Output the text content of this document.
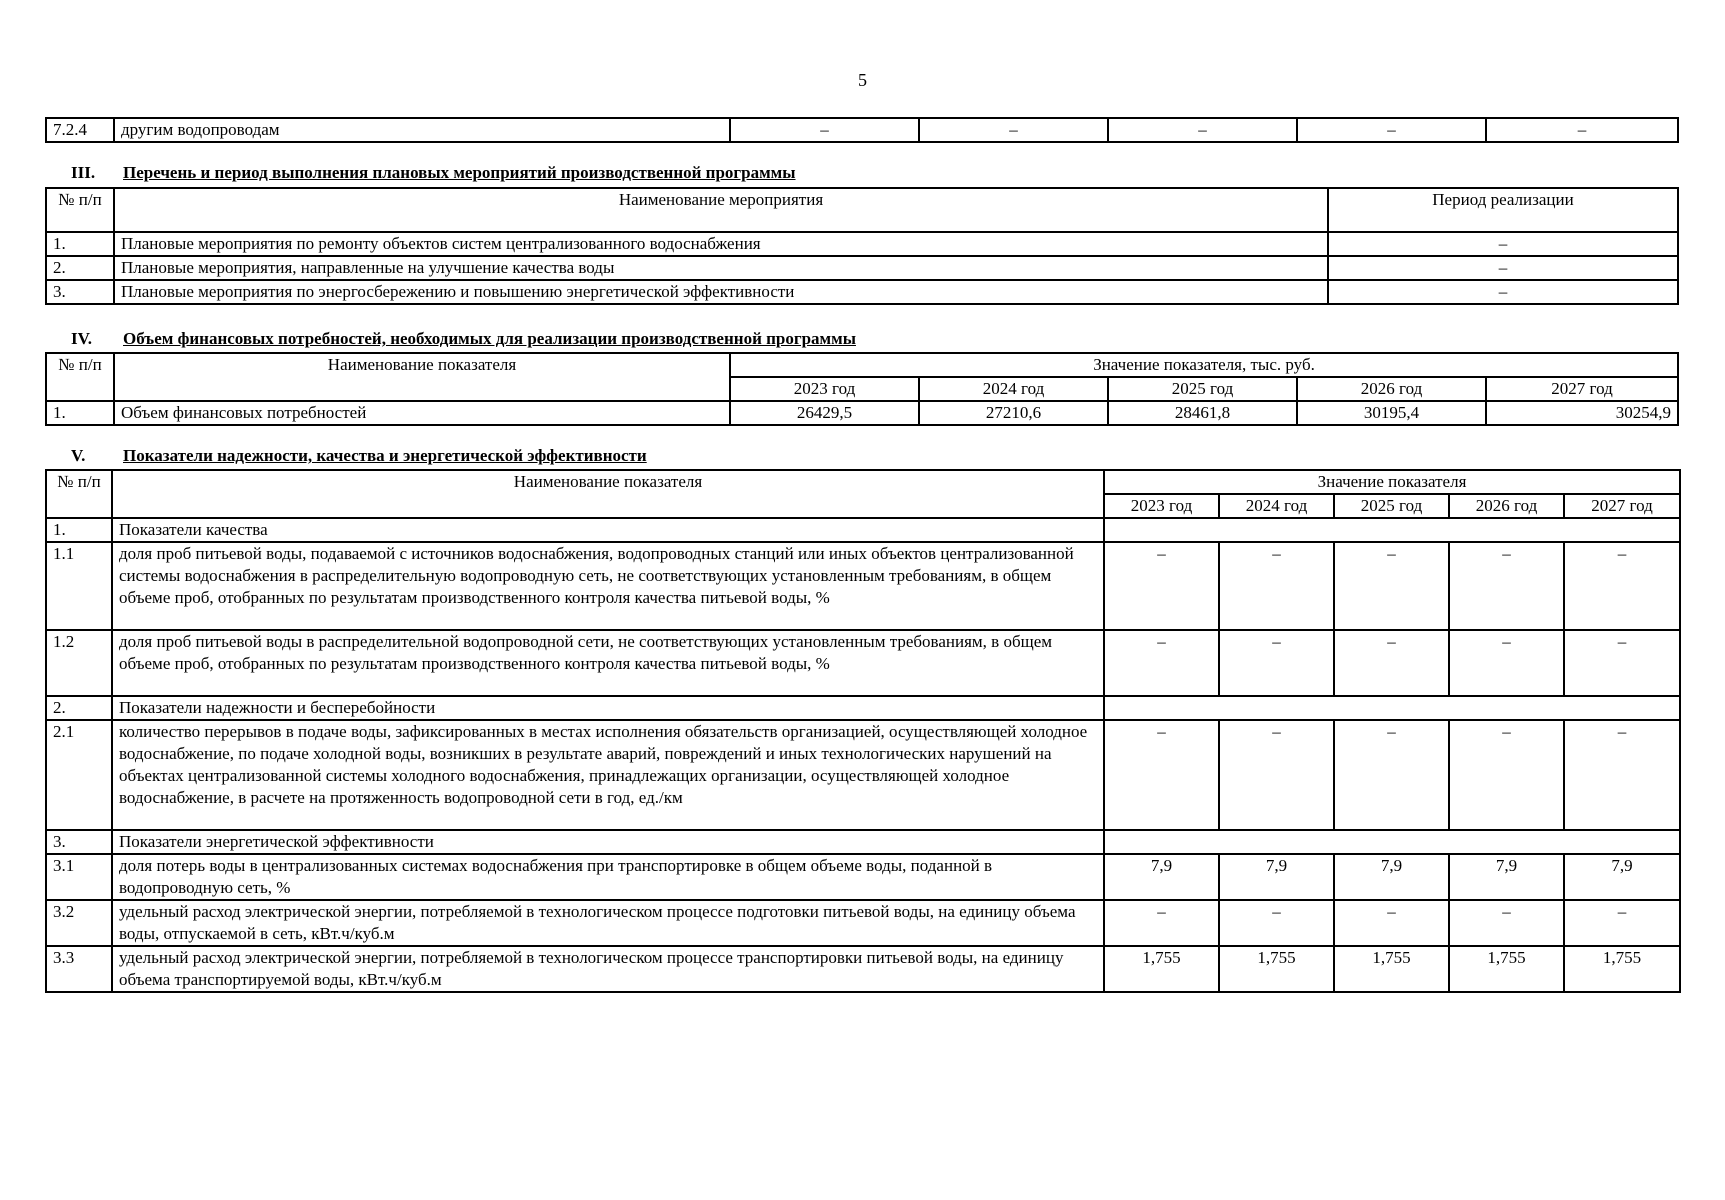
5
7.2.4	другим водопроводам	–	–	–	–	–
III. Перечень и период выполнения плановых мероприятий производственной программы
№ п/п	Наименование мероприятия	Период реализации
1.	Плановые мероприятия по ремонту объектов систем централизованного водоснабжения	–
2.	Плановые мероприятия, направленные на улучшение качества воды	–
3.	Плановые мероприятия по энергосбережению и повышению энергетической эффективности	–
IV. Объем финансовых потребностей, необходимых для реализации производственной программы
№ п/п	Наименование показателя	Значение показателя, тыс. руб.				
		2023 год	2024 год	2025 год	2026 год	2027 год
1.	Объем финансовых потребностей	26429,5	27210,6	28461,8	30195,4	30254,9
V. Показатели надежности, качества и энергетической эффективности
№ п/п	Наименование показателя	Значение показателя				
		2023 год	2024 год	2025 год	2026 год	2027 год
1.	Показатели качества					
1.1	доля проб питьевой воды, подаваемой с источников водоснабжения, водопроводных станций или иных объектов централизованной системы водоснабжения в распределительную водопроводную сеть, не соответствующих установленным требованиям, в общем объеме проб, отобранных по результатам производственного контроля качества питьевой воды, %	–	–	–	–	–
1.2	доля проб питьевой воды в распределительной водопроводной сети, не соответствующих установленным требованиям, в общем объеме проб, отобранных по результатам производственного контроля качества питьевой воды, %	–	–	–	–	–
2.	Показатели надежности и бесперебойности					
2.1	количество перерывов в подаче воды, зафиксированных в местах исполнения обязательств организацией, осуществляющей холодное водоснабжение, по подаче холодной воды, возникших в результате аварий, повреждений и иных технологических нарушений на объектах централизованной системы холодного водоснабжения, принадлежащих организации, осуществляющей холодное водоснабжение, в расчете на протяженность водопроводной сети в год, ед./км	–	–	–	–	–
3.	Показатели энергетической эффективности					
3.1	доля потерь воды в централизованных системах водоснабжения при транспортировке в общем объеме воды, поданной в водопроводную сеть, %	7,9	7,9	7,9	7,9	7,9
3.2	удельный расход электрической энергии, потребляемой в технологическом процессе подготовки питьевой воды, на единицу объема воды, отпускаемой в сеть, кВт.ч/куб.м	–	–	–	–	–
3.3	удельный расход электрической энергии, потребляемой в технологическом процессе транспортировки питьевой воды, на единицу объема транспортируемой воды, кВт.ч/куб.м	1,755	1,755	1,755	1,755	1,755
